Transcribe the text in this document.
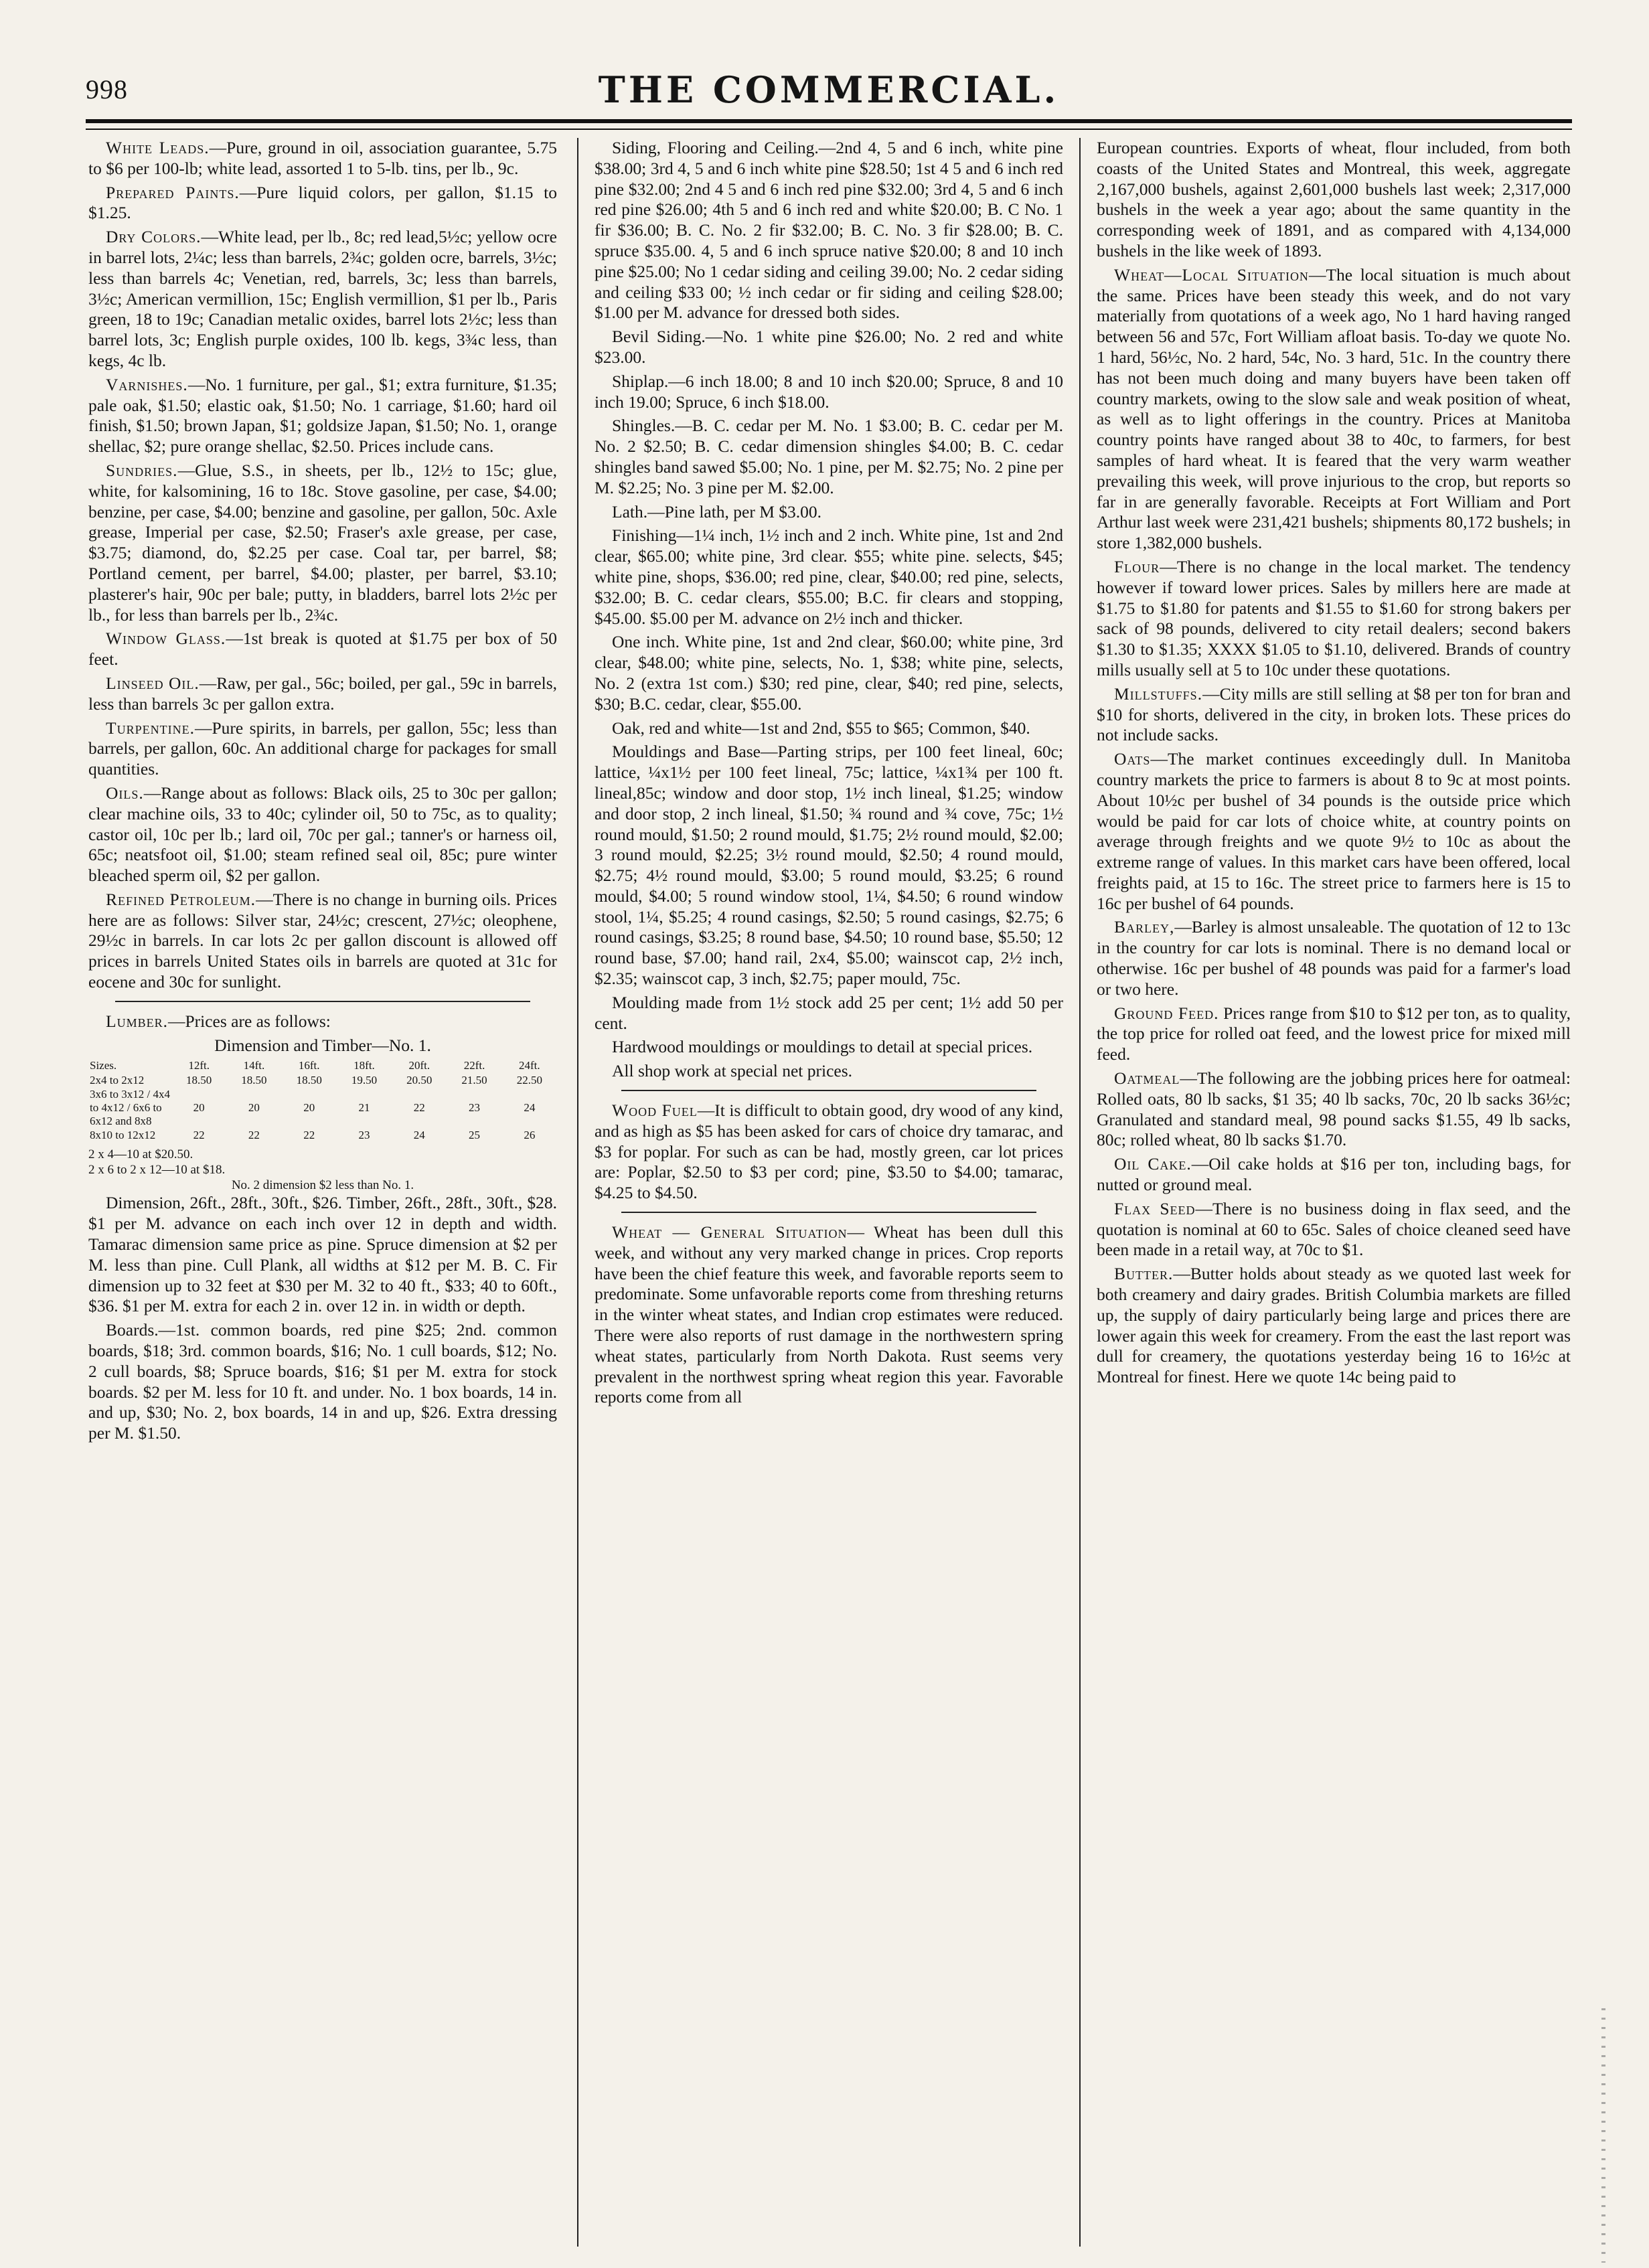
998	THE COMMERCIAL.

White Leads.—Pure, ground in oil, association guarantee, 5.75 to $6 per 100-lb; white lead, assorted 1 to 5-lb. tins, per lb., 9c.

Prepared Paints.—Pure liquid colors, per gallon, $1.15 to $1.25.

Dry Colors.—White lead, per lb., 8c; red lead,5½c; yellow ocre in barrel lots, 2¼c; less than barrels, 2¾c; golden ocre, barrels, 3½c; less than barrels 4c; Venetian, red, barrels, 3c; less than barrels, 3½c; American vermillion, 15c; English vermillion, $1 per lb., Paris green, 18 to 19c; Canadian metalic oxides, barrel lots 2½c; less than barrel lots, 3c; English purple oxides, 100 lb. kegs, 3¾c less, than kegs, 4c lb.

Varnishes.—No. 1 furniture, per gal., $1; extra furniture, $1.35; pale oak, $1.50; elastic oak, $1.50; No. 1 carriage, $1.60; hard oil finish, $1.50; brown Japan, $1; goldsize Japan, $1.50; No. 1, orange shellac, $2; pure orange shellac, $2.50. Prices include cans.

Sundries.—Glue, S.S., in sheets, per lb., 12½ to 15c; glue, white, for kalsomining, 16 to 18c. Stove gasoline, per case, $4.00; benzine, per case, $4.00; benzine and gasoline, per gallon, 50c. Axle grease, Imperial per case, $2.50; Fraser's axle grease, per case, $3.75; diamond, do, $2.25 per case. Coal tar, per barrel, $8; Portland cement, per barrel, $4.00; plaster, per barrel, $3.10; plasterer's hair, 90c per bale; putty, in bladders, barrel lots 2½c per lb., for less than barrels per lb., 2¾c.

Window Glass.—1st break is quoted at $1.75 per box of 50 feet.

Linseed Oil.—Raw, per gal., 56c; boiled, per gal., 59c in barrels, less than barrels 3c per gallon extra.

Turpentine.—Pure spirits, in barrels, per gallon, 55c; less than barrels, per gallon, 60c. An additional charge for packages for small quantities.

Oils.—Range about as follows: Black oils, 25 to 30c per gallon; clear machine oils, 33 to 40c; cylinder oil, 50 to 75c, as to quality; castor oil, 10c per lb.; lard oil, 70c per gal.; tanner's or harness oil, 65c; neatsfoot oil, $1.00; steam refined seal oil, 85c; pure winter bleached sperm oil, $2 per gallon.

Refined Petroleum.—There is no change in burning oils. Prices here are as follows: Silver star, 24½c; crescent, 27½c; oleophene, 29½c in barrels. In car lots 2c per gallon discount is allowed off prices in barrels United States oils in barrels are quoted at 31c for eocene and 30c for sunlight.

Lumber.—Prices are as follows:

Dimension and Timber—No. 1.

Sizes.	12ft.	14ft.	16ft.	18ft.	20ft.	22ft.	24ft.
2x4 to 2x12	18.50	18.50	18.50	19.50	20.50	21.50	22.50
3x6 to 3x12 / 4x4 to 4x12 / 6x6 to 6x12 and 8x8	20	20	20	21	22	23	24
8x10 to 12x12	22	22	22	23	24	25	26
2 x 4—10 at $20.50.
2 x 6 to 2 x 12—10 at $18.
No. 2 dimension $2 less than No. 1.

Dimension, 26ft., 28ft., 30ft., $26. Timber, 26ft., 28ft., 30ft., $28. $1 per M. advance on each inch over 12 in depth and width. Tamarac dimension same price as pine. Spruce dimension at $2 per M. less than pine. Cull Plank, all widths at $12 per M. B. C. Fir dimension up to 32 feet at $30 per M. 32 to 40 ft., $33; 40 to 60ft., $36. $1 per M. extra for each 2 in. over 12 in. in width or depth.

Boards.—1st. common boards, red pine $25; 2nd. common boards, $18; 3rd. common boards, $16; No. 1 cull boards, $12; No. 2 cull boards, $8; Spruce boards, $16; $1 per M. extra for stock boards. $2 per M. less for 10 ft. and under. No. 1 box boards, 14 in. and up, $30; No. 2, box boards, 14 in and up, $26. Extra dressing per M. $1.50.

Siding, Flooring and Ceiling.—2nd 4, 5 and 6 inch, white pine $38.00; 3rd 4, 5 and 6 inch white pine $28.50; 1st 4 5 and 6 inch red pine $32.00; 2nd 4 5 and 6 inch red pine $32.00; 3rd 4, 5 and 6 inch red pine $26.00; 4th 5 and 6 inch red and white $20.00; B. C No. 1 fir $36.00; B. C. No. 2 fir $32.00; B. C. No. 3 fir $28.00; B. C. spruce $35.00. 4, 5 and 6 inch spruce native $20.00; 8 and 10 inch pine $25.00; No 1 cedar siding and ceiling 39.00; No. 2 cedar siding and ceiling $33 00; ½ inch cedar or fir siding and ceiling $28.00; $1.00 per M. advance for dressed both sides.

Bevil Siding.—No. 1 white pine $26.00; No. 2 red and white $23.00.

Shiplap.—6 inch 18.00; 8 and 10 inch $20.00; Spruce, 8 and 10 inch 19.00; Spruce, 6 inch $18.00.

Shingles.—B. C. cedar per M. No. 1 $3.00; B. C. cedar per M. No. 2 $2.50; B. C. cedar dimension shingles $4.00; B. C. cedar shingles band sawed $5.00; No. 1 pine, per M. $2.75; No. 2 pine per M. $2.25; No. 3 pine per M. $2.00.

Lath.—Pine lath, per M $3.00.

Finishing—1¼ inch, 1½ inch and 2 inch. White pine, 1st and 2nd clear, $65.00; white pine, 3rd clear. $55; white pine. selects, $45; white pine, shops, $36.00; red pine, clear, $40.00; red pine, selects, $32.00; B. C. cedar clears, $55.00; B.C. fir clears and stopping, $45.00. $5.00 per M. advance on 2½ inch and thicker.

One inch. White pine, 1st and 2nd clear, $60.00; white pine, 3rd clear, $48.00; white pine, selects, No. 1, $38; white pine, selects, No. 2 (extra 1st com.) $30; red pine, clear, $40; red pine, selects, $30; B.C. cedar, clear, $55.00.

Oak, red and white—1st and 2nd, $55 to $65; Common, $40.

Mouldings and Base—Parting strips, per 100 feet lineal, 60c; lattice, ¼x1½ per 100 feet lineal, 75c; lattice, ¼x1¾ per 100 ft. lineal,85c; window and door stop, 1½ inch lineal, $1.25; window and door stop, 2 inch lineal, $1.50; ¾ round and ¾ cove, 75c; 1½ round mould, $1.50; 2 round mould, $1.75; 2½ round mould, $2.00; 3 round mould, $2.25; 3½ round mould, $2.50; 4 round mould, $2.75; 4½ round mould, $3.00; 5 round mould, $3.25; 6 round mould, $4.00; 5 round window stool, 1¼, $4.50; 6 round window stool, 1¼, $5.25; 4 round casings, $2.50; 5 round casings, $2.75; 6 round casings, $3.25; 8 round base, $4.50; 10 round base, $5.50; 12 round base, $7.00; hand rail, 2x4, $5.00; wainscot cap, 2½ inch, $2.35; wainscot cap, 3 inch, $2.75; paper mould, 75c.

Moulding made from 1½ stock add 25 per cent; 1½ add 50 per cent.

Hardwood mouldings or mouldings to detail at special prices.

All shop work at special net prices.

Wood Fuel—It is difficult to obtain good, dry wood of any kind, and as high as $5 has been asked for cars of choice dry tamarac, and $3 for poplar. For such as can be had, mostly green, car lot prices are: Poplar, $2.50 to $3 per cord; pine, $3.50 to $4.00; tamarac, $4.25 to $4.50.

Wheat — General Situation— Wheat has been dull this week, and without any very marked change in prices. Crop reports have been the chief feature this week, and favorable reports seem to predominate. Some unfavorable reports come from threshing returns in the winter wheat states, and Indian crop estimates were reduced. There were also reports of rust damage in the northwestern spring wheat states, particularly from North Dakota. Rust seems very prevalent in the northwest spring wheat region this year. Favorable reports come from all

European countries. Exports of wheat, flour included, from both coasts of the United States and Montreal, this week, aggregate 2,167,000 bushels, against 2,601,000 bushels last week; 2,317,000 bushels in the week a year ago; about the same quantity in the corresponding week of 1891, and as compared with 4,134,000 bushels in the like week of 1893.

Wheat—Local Situation—The local situation is much about the same. Prices have been steady this week, and do not vary materially from quotations of a week ago, No 1 hard having ranged between 56 and 57c, Fort William afloat basis. To-day we quote No. 1 hard, 56½c, No. 2 hard, 54c, No. 3 hard, 51c. In the country there has not been much doing and many buyers have been taken off country markets, owing to the slow sale and weak position of wheat, as well as to light offerings in the country. Prices at Manitoba country points have ranged about 38 to 40c, to farmers, for best samples of hard wheat. It is feared that the very warm weather prevailing this week, will prove injurious to the crop, but reports so far in are generally favorable. Receipts at Fort William and Port Arthur last week were 231,421 bushels; shipments 80,172 bushels; in store 1,382,000 bushels.

Flour—There is no change in the local market. The tendency however if toward lower prices. Sales by millers here are made at $1.75 to $1.80 for patents and $1.55 to $1.60 for strong bakers per sack of 98 pounds, delivered to city retail dealers; second bakers $1.30 to $1.35; XXXX $1.05 to $1.10, delivered. Brands of country mills usually sell at 5 to 10c under these quotations.

Millstuffs.—City mills are still selling at $8 per ton for bran and $10 for shorts, delivered in the city, in broken lots. These prices do not include sacks.

Oats—The market continues exceedingly dull. In Manitoba country markets the price to farmers is about 8 to 9c at most points. About 10½c per bushel of 34 pounds is the outside price which would be paid for car lots of choice white, at country points on average through freights and we quote 9½ to 10c as about the extreme range of values. In this market cars have been offered, local freights paid, at 15 to 16c. The street price to farmers here is 15 to 16c per bushel of 64 pounds.

Barley,—Barley is almost unsaleable. The quotation of 12 to 13c in the country for car lots is nominal. There is no demand local or otherwise. 16c per bushel of 48 pounds was paid for a farmer's load or two here.

Ground Feed. Prices range from $10 to $12 per ton, as to quality, the top price for rolled oat feed, and the lowest price for mixed mill feed.

Oatmeal—The following are the jobbing prices here for oatmeal: Rolled oats, 80 lb sacks, $1 35; 40 lb sacks, 70c, 20 lb sacks 36½c; Granulated and standard meal, 98 pound sacks $1.55, 49 lb sacks, 80c; rolled wheat, 80 lb sacks $1.70.

Oil Cake.—Oil cake holds at $16 per ton, including bags, for nutted or ground meal.

Flax Seed—There is no business doing in flax seed, and the quotation is nominal at 60 to 65c. Sales of choice cleaned seed have been made in a retail way, at 70c to $1.

Butter.—Butter holds about steady as we quoted last week for both creamery and dairy grades. British Columbia markets are filled up, the supply of dairy particularly being large and prices there are lower again this week for creamery. From the east the last report was dull for creamery, the quotations yesterday being 16 to 16½c at Montreal for finest. Here we quote 14c being paid to
